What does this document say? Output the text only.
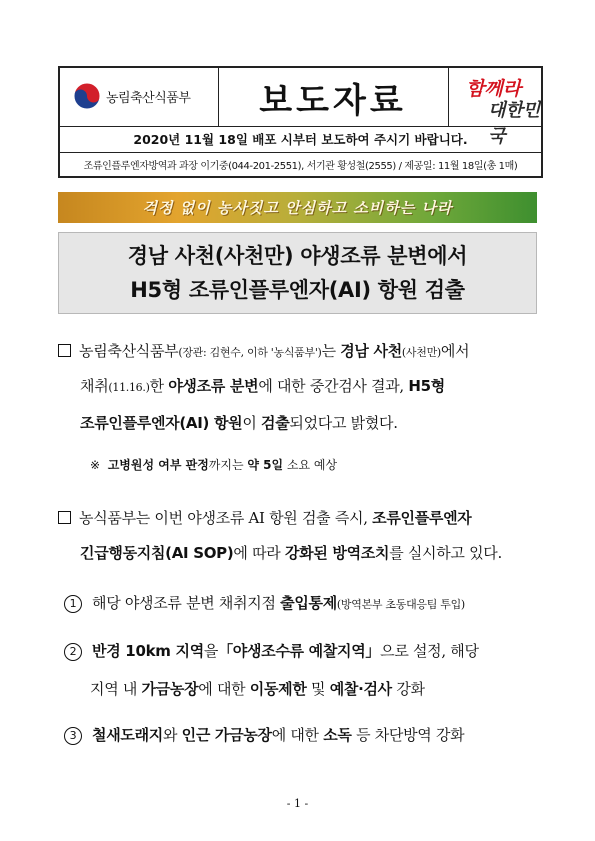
농림축산식품부 보도자료	함께라
대한민국
2020년 11월 18일 배포 시부터 보도하여 주시기 바랍니다.
조류인플루엔자방역과 과장 이기중(044-201-2551), 서기관 황성철(2555) / 제공일: 11월 18일(총 1매)
걱정 없이 농사짓고 안심하고 소비하는 나라
경남 사천(사천만) 야생조류 분변에서
H5형 조류인플루엔자(AI) 항원 검출
농림축산식품부(장관: 김현수, 이하 '농식품부')는 경남 사천(사천만)에서
채취(11.16.)한 야생조류 분변에 대한 중간검사 결과, H5형
조류인플루엔자(AI) 항원이 검출되었다고 밝혔다.
※ 고병원성 여부 판정까지는 약 5일 소요 예상
농식품부는 이번 야생조류 AI 항원 검출 즉시, 조류인플루엔자
긴급행동지침(AI SOP)에 따라 강화된 방역조치를 실시하고 있다.
1 해당 야생조류 분변 채취지점 출입통제(방역본부 초동대응팀 투입)
2 반경 10km 지역을「야생조수류 예찰지역」으로 설정, 해당
지역 내 가금농장에 대한 이동제한 및 예찰·검사 강화
3 철새도래지와 인근 가금농장에 대한 소독 등 차단방역 강화
- 1 -
